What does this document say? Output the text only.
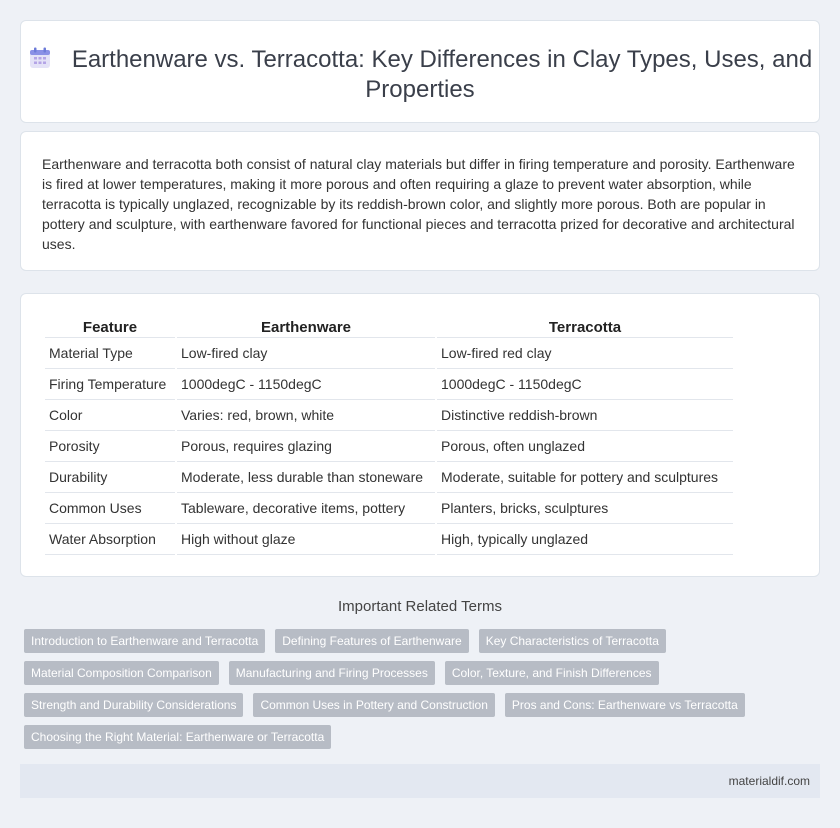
Earthenware vs. Terracotta: Key Differences in Clay Types, Uses, and Properties

Earthenware and terracotta both consist of natural clay materials but differ in firing temperature and porosity. Earthenware is fired at lower temperatures, making it more porous and often requiring a glaze to prevent water absorption, while terracotta is typically unglazed, recognizable by its reddish-brown color, and slightly more porous. Both are popular in pottery and sculpture, with earthenware favored for functional pieces and terracotta prized for decorative and architectural uses.

Feature	Earthenware	Terracotta
Material Type	Low-fired clay	Low-fired red clay
Firing Temperature	1000degC - 1150degC	1000degC - 1150degC
Color	Varies: red, brown, white	Distinctive reddish-brown
Porosity	Porous, requires glazing	Porous, often unglazed
Durability	Moderate, less durable than stoneware	Moderate, suitable for pottery and sculptures
Common Uses	Tableware, decorative items, pottery	Planters, bricks, sculptures
Water Absorption	High without glaze	High, typically unglazed
Important Related Terms
Introduction to Earthenware and Terracotta	Defining Features of Earthenware	Key Characteristics of Terracotta
Material Composition Comparison	Manufacturing and Firing Processes	Color, Texture, and Finish Differences
Strength and Durability Considerations	Common Uses in Pottery and Construction	Pros and Cons: Earthenware vs Terracotta
Choosing the Right Material: Earthenware or Terracotta
materialdif.com
